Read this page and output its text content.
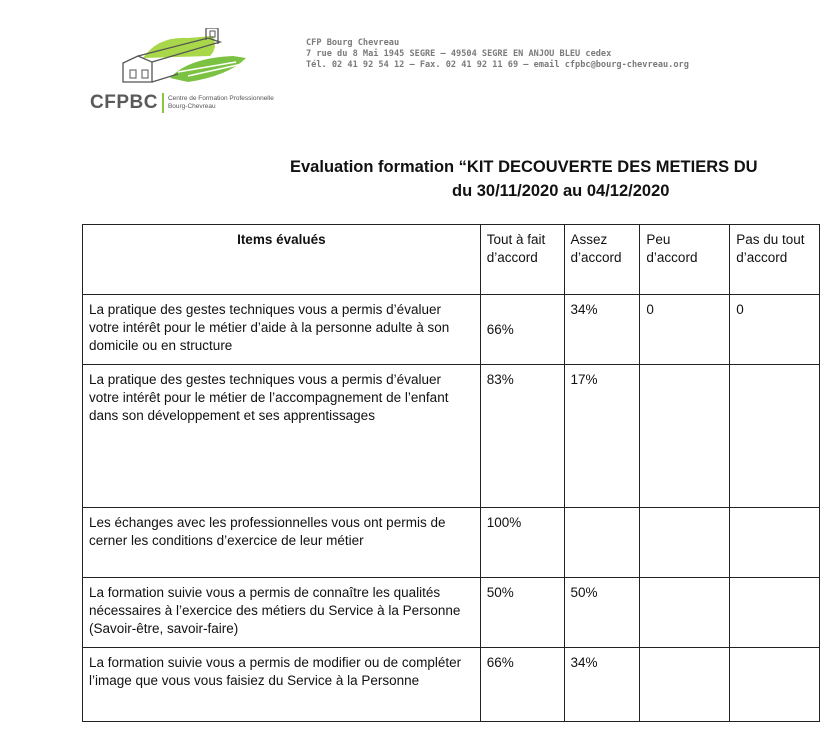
CFPBC Centre de Formation Professionnelle
Bourg-Chevreau
CFP Bourg Chevreau
7 rue du 8 Mai 1945 SEGRE – 49504 SEGRE EN ANJOU BLEU cedex
Tél. 02 41 92 54 12 – Fax. 02 41 92 11 69 – email cfpbc@bourg-chevreau.org
Evaluation formation “KIT DECOUVERTE DES METIERS DU
du 30/11/2020 au 04/12/2020
Items évalués	Tout à fait d’accord	Assez d’accord	Peu d’accord	Pas du tout d’accord
La pratique des gestes techniques vous a permis d’évaluer votre intérêt pour le métier d’aide à la personne adulte à son domicile ou en structure	66%	34%	0	0
La pratique des gestes techniques vous a permis d’évaluer votre intérêt pour le métier de l’accompagnement de l’enfant dans son développement et ses apprentissages	83%	17%		
Les échanges avec les professionnelles vous ont permis de cerner les conditions d’exercice de leur métier	100%			
La formation suivie vous a permis de connaître les qualités nécessaires à l’exercice des métiers du Service à la Personne (Savoir-être, savoir-faire)	50%	50%		
La formation suivie vous a permis de modifier ou de compléter l’image que vous vous faisiez du Service à la Personne	66%	34%		
